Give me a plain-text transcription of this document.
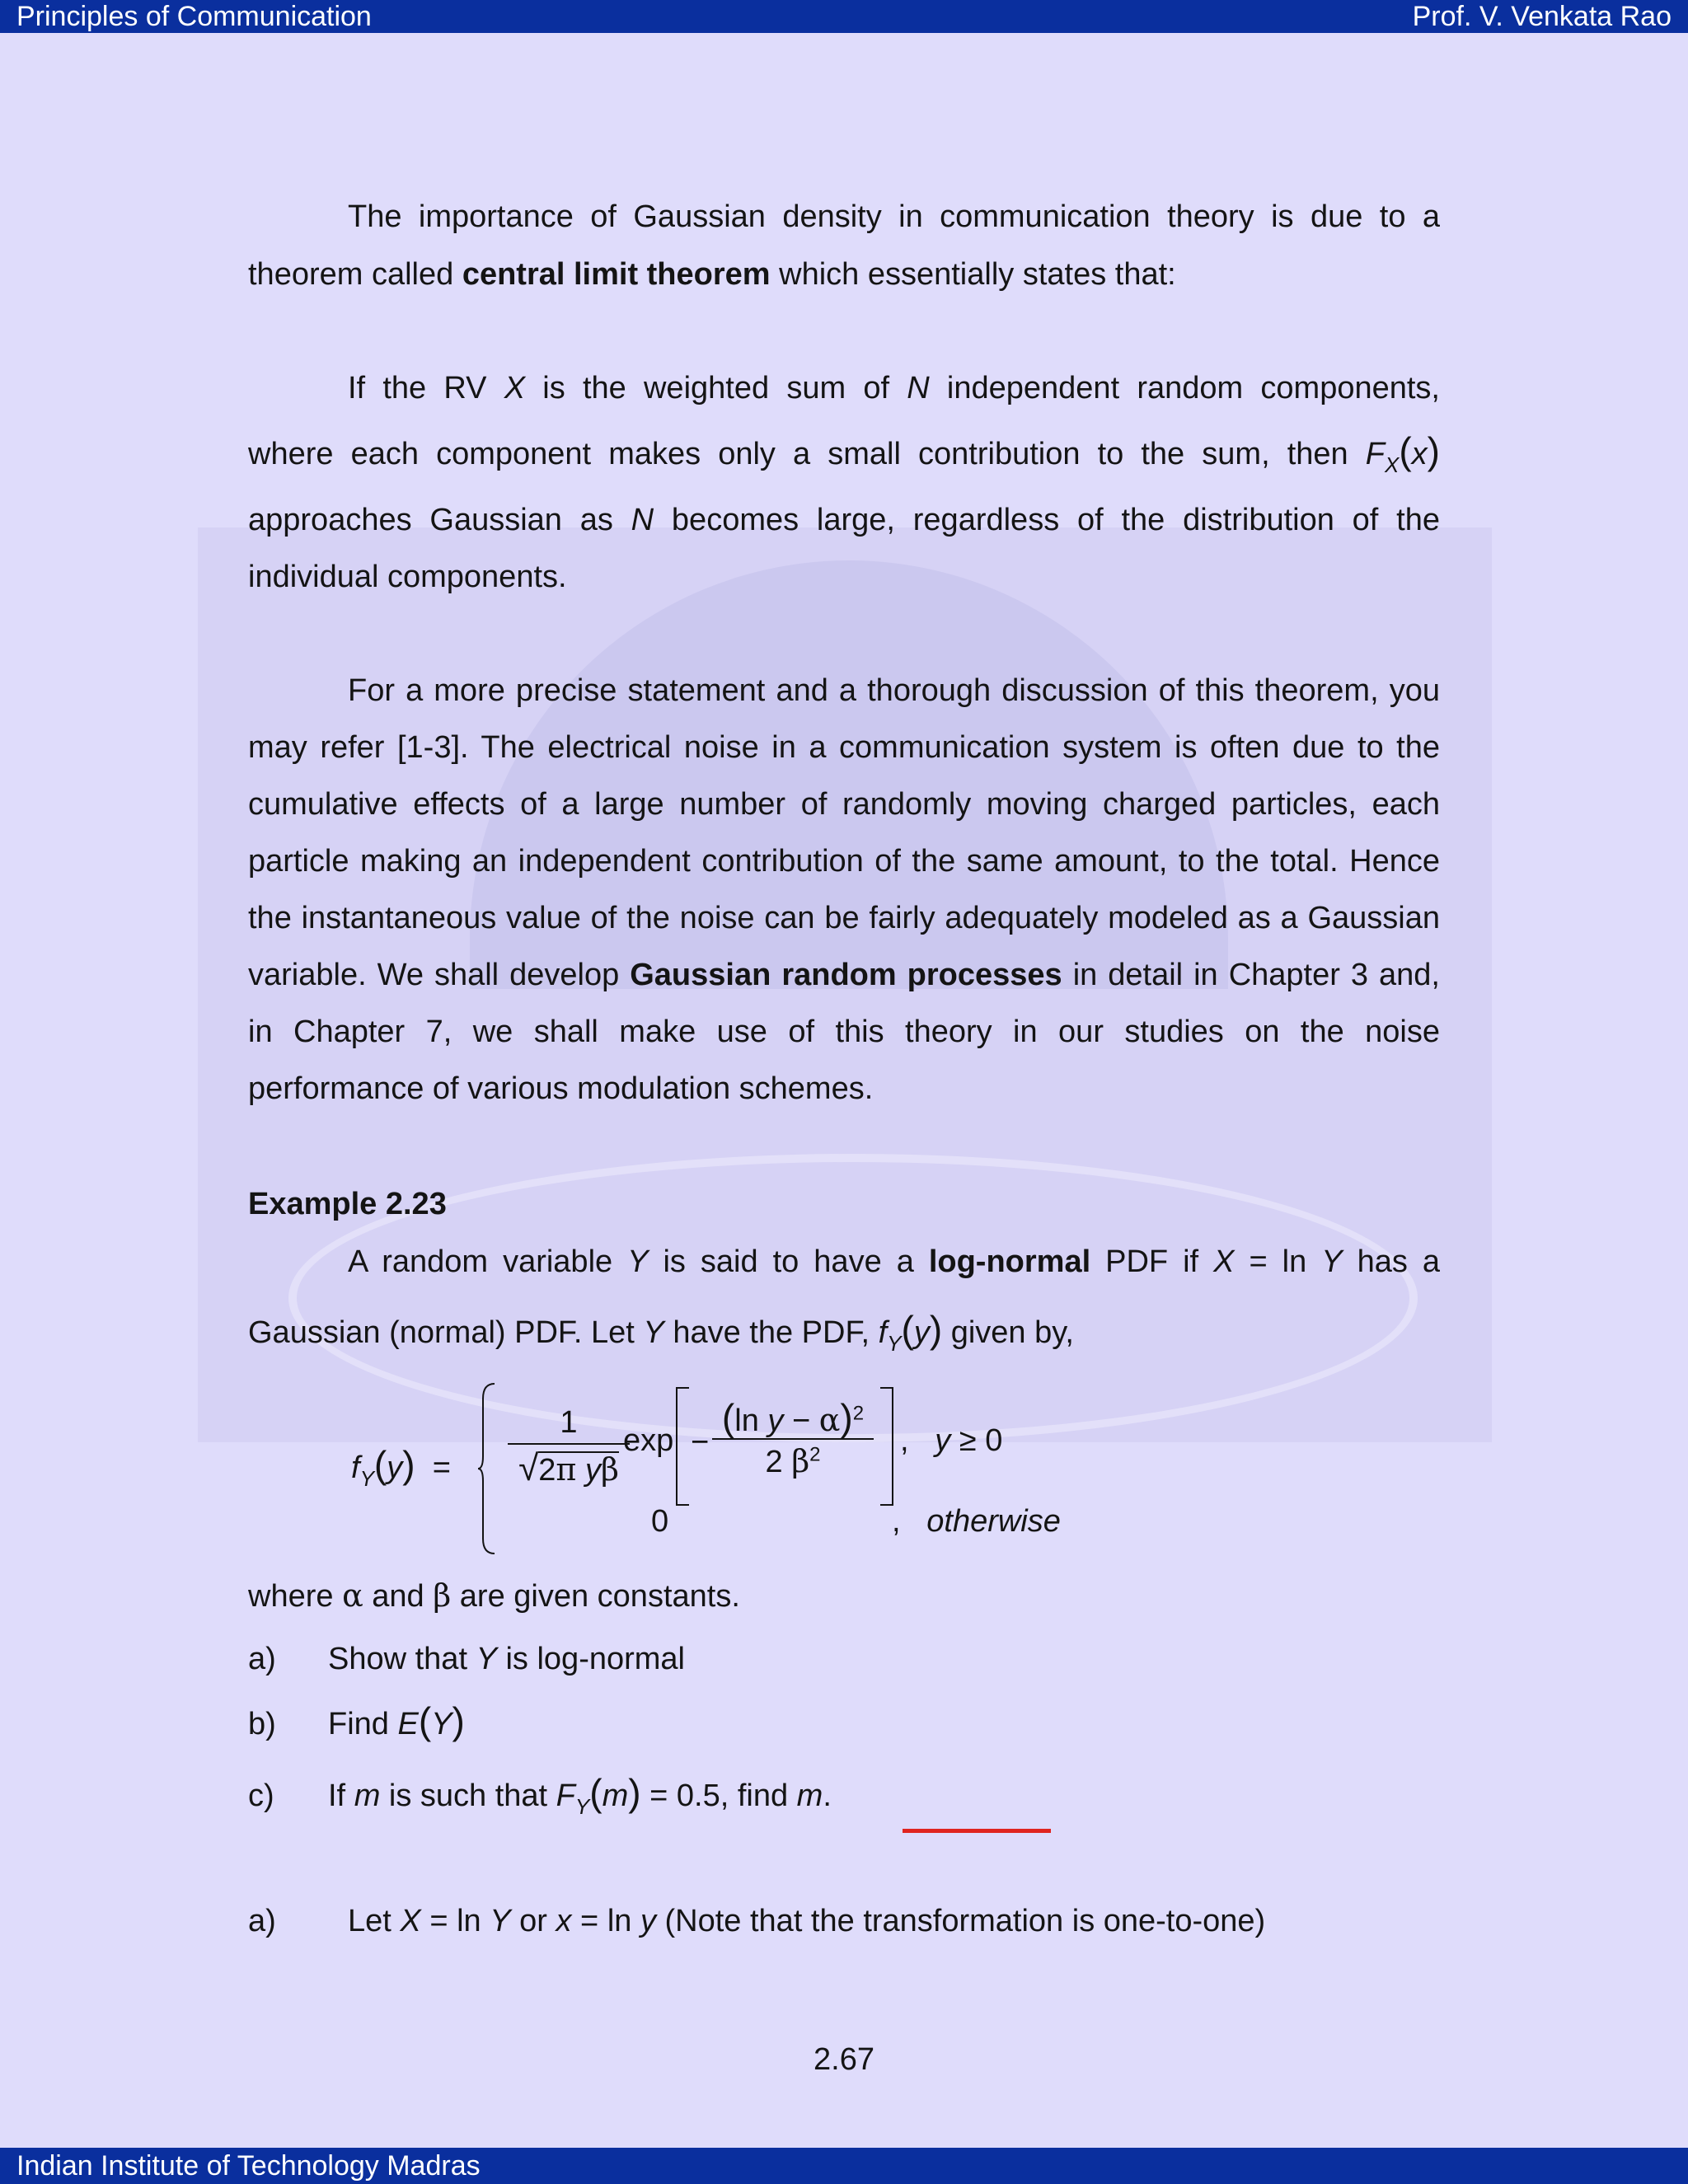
Principles of Communication	Prof. V. Venkata Rao
The importance of Gaussian density in communication theory is due to a
theorem called central limit theorem which essentially states that:
If the RV X is the weighted sum of N independent random components,
where each component makes only a small contribution to the sum, then $F_X(x)$
approaches Gaussian as N becomes large, regardless of the distribution of the
individual components.
For a more precise statement and a thorough discussion of this theorem, you may refer [1-3]. The electrical noise in a communication system is often due to the cumulative effects of a large number of randomly moving charged particles, each particle making an independent contribution of the same amount, to the total. Hence the instantaneous value of the noise can be fairly adequately modeled as a Gaussian variable. We shall develop Gaussian random processes in detail in Chapter 3 and, in Chapter 7, we shall make use of this theory in our studies on the noise performance of various modulation schemes.
Example 2.23
A random variable Y is said to have a log-normal PDF if X = ln Y has a
Gaussian (normal) PDF. Let Y have the PDF, $f_Y(y)$ given by,
$f_Y(y)$ =
1
√2π yβ
exp −
(ln y − α)$^2$
2 $\beta^2$	, y ≥ 0
0	, otherwise
where α and β are given constants.
a) Show that Y is log-normal
b) Find E(Y)
c) If m is such that $F_Y(m) = 0.5$, find m.
a) Let X = ln Y or x = ln y (Note that the transformation is one-to-one)
2.67
Indian Institute of Technology Madras
